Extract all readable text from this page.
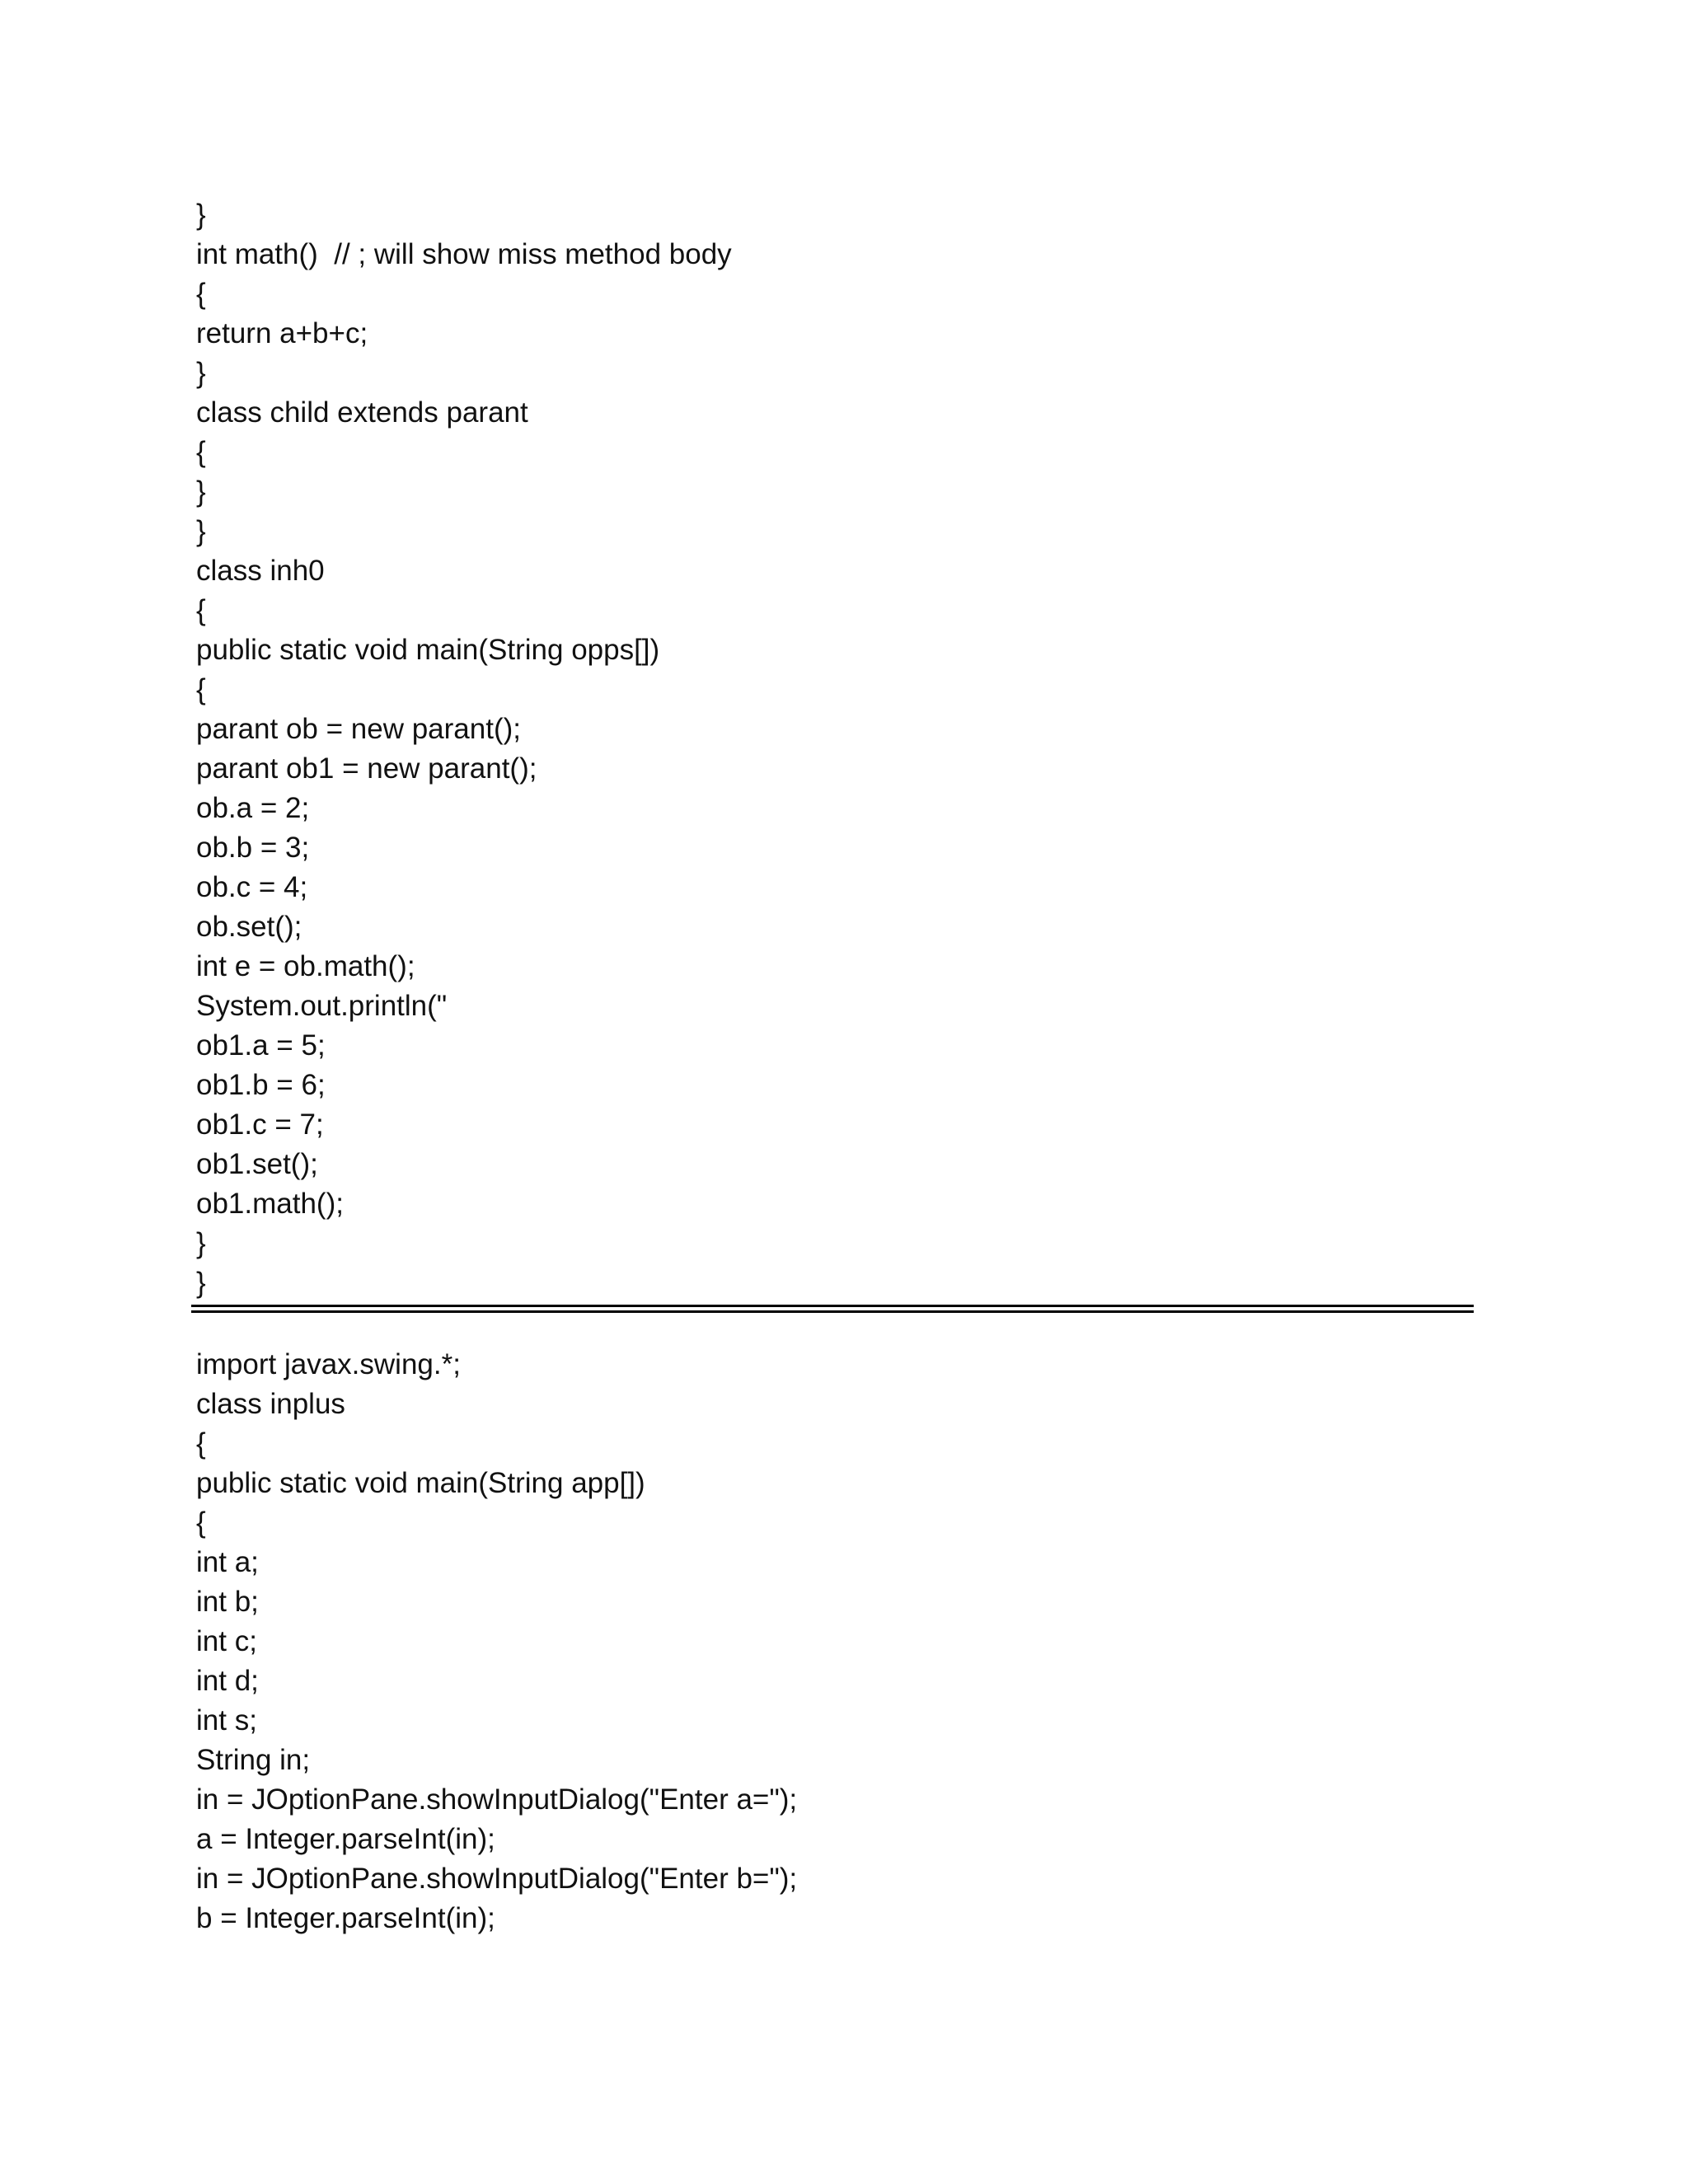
}
int math()  // ; will show miss method body
{
return a+b+c;
}
class child extends parant
{
}
}
class inh0
{
public static void main(String opps[])
{
parant ob = new parant();
parant ob1 = new parant();
ob.a = 2;
ob.b = 3;
ob.c = 4;
ob.set();
int e = ob.math();
System.out.println("
ob1.a = 5;
ob1.b = 6;
ob1.c = 7;
ob1.set();
ob1.math();
}
}
import javax.swing.*;
class inplus
{
public static void main(String app[])
{
int a;
int b;
int c;
int d;
int s;
String in;
in = JOptionPane.showInputDialog("Enter a=");
a = Integer.parseInt(in);
in = JOptionPane.showInputDialog("Enter b=");
b = Integer.parseInt(in);
